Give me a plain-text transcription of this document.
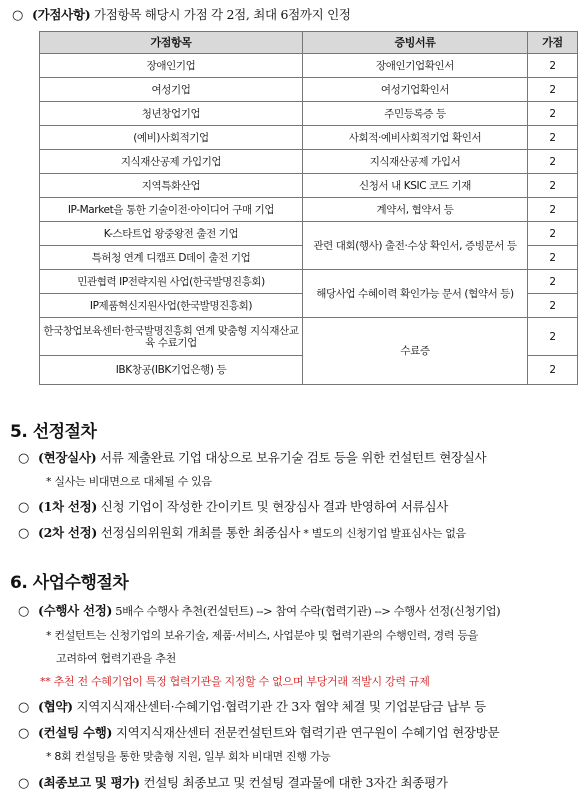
○ (가점사항) 가점항목 해당시 가점 각 2점, 최대 6점까지 인정
가점항목	증빙서류	가점
장애인기업	장애인기업확인서	2
여성기업	여성기업확인서	2
청년창업기업	주민등록증 등	2
(예비)사회적기업	사회적·예비사회적기업 확인서	2
지식재산공제 가입기업	지식재산공제 가입서	2
지역특화산업	신청서 내 KSIC 코드 기재	2
IP-Market을 통한 기술이전·아이디어 구매 기업	계약서, 협약서 등	2
K-스타트업 왕중왕전 출전 기업	관련 대회(행사) 출전·수상 확인서, 증빙문서 등	2
특허청 연계 디캠프 D데이 출전 기업		2
민관협력 IP전략지원 사업(한국발명진흥회)	해당사업 수혜이력 확인가능 문서 (협약서 등)	2
IP제품혁신지원사업(한국발명진흥회)		2
한국창업보육센터·한국발명진흥회 연계 맞춤형 지식재산교육 수료기업	수료증	2
IBK창공(IBK기업은행) 등		2
5. 선정절차
○ (현장실사) 서류 제출완료 기업 대상으로 보유기술 검토 등을 위한 컨설턴트 현장실사
* 실사는 비대면으로 대체될 수 있음
○ (1차 선정) 신청 기업이 작성한 간이키트 및 현장심사 결과 반영하여 서류심사
○ (2차 선정) 선정심의위원회 개최를 통한 최종심사 * 별도의 신청기업 발표심사는 없음
6. 사업수행절차
○ (수행사 선정) 5배수 수행사 추천(컨설턴트) --> 참여 수락(협력기관) --> 수행사 선정(신청기업)
* 컨설턴트는 신청기업의 보유기술, 제품·서비스, 사업분야 및 협력기관의 수행인력, 경력 등을
고려하여 협력기관을 추천
** 추천 전 수혜기업이 특정 협력기관을 지정할 수 없으며 부당거래 적발시 강력 규제
○ (협약) 지역지식재산센터·수혜기업·협력기관 간 3자 협약 체결 및 기업분담금 납부 등
○ (컨설팅 수행) 지역지식재산센터 전문컨설턴트와 협력기관 연구원이 수혜기업 현장방문
* 8회 컨설팅을 통한 맞춤형 지원, 일부 회차 비대면 진행 가능
○ (최종보고 및 평가) 컨설팅 최종보고 및 컨설팅 결과물에 대한 3자간 최종평가
